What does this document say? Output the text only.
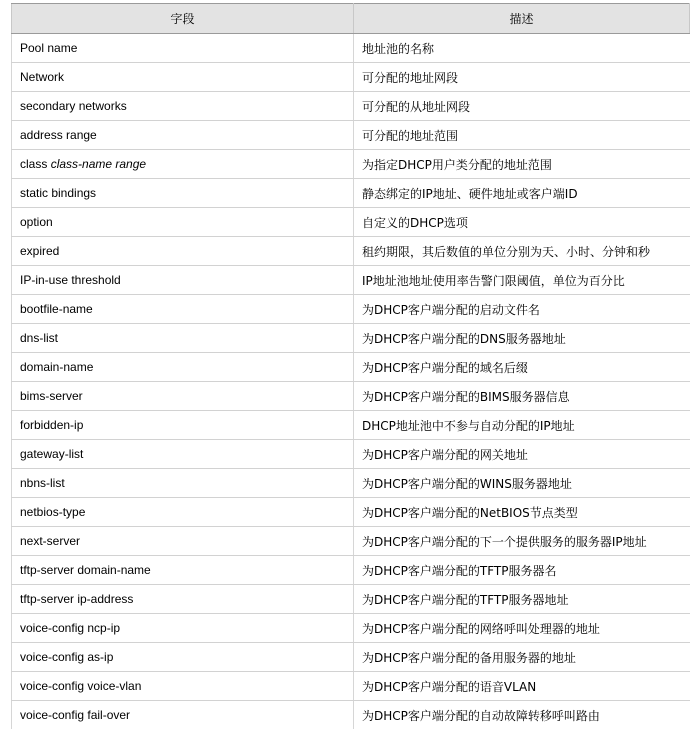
字段	描述
Pool name	地址池的名称
Network	可分配的地址网段
secondary networks	可分配的从地址网段
address range	可分配的地址范围
class class-name range	为指定DHCP用户类分配的地址范围
static bindings	静态绑定的IP地址、硬件地址或客户端ID
option	自定义的DHCP选项
expired	租约期限，其后数值的单位分别为天、小时、分钟和秒
IP-in-use threshold	IP地址池地址使用率告警门限阈值，单位为百分比
bootfile-name	为DHCP客户端分配的启动文件名
dns-list	为DHCP客户端分配的DNS服务器地址
domain-name	为DHCP客户端分配的域名后缀
bims-server	为DHCP客户端分配的BIMS服务器信息
forbidden-ip	DHCP地址池中不参与自动分配的IP地址
gateway-list	为DHCP客户端分配的网关地址
nbns-list	为DHCP客户端分配的WINS服务器地址
netbios-type	为DHCP客户端分配的NetBIOS节点类型
next-server	为DHCP客户端分配的下一个提供服务的服务器IP地址
tftp-server domain-name	为DHCP客户端分配的TFTP服务器名
tftp-server ip-address	为DHCP客户端分配的TFTP服务器地址
voice-config ncp-ip	为DHCP客户端分配的网络呼叫处理器的地址
voice-config as-ip	为DHCP客户端分配的备用服务器的地址
voice-config voice-vlan	为DHCP客户端分配的语音VLAN
voice-config fail-over	为DHCP客户端分配的自动故障转移呼叫路由
